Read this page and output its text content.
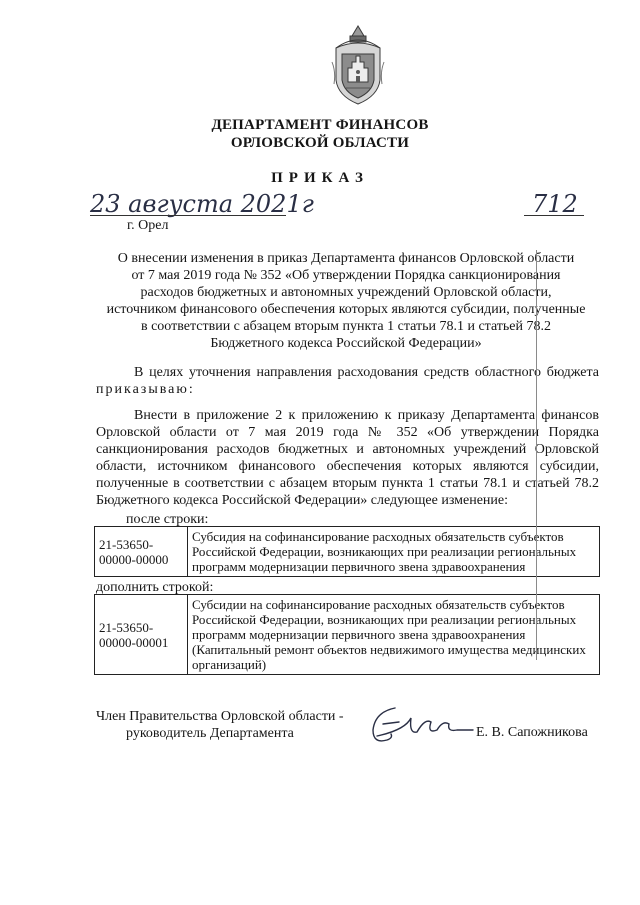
ДЕПАРТАМЕНТ ФИНАНСОВ
ОРЛОВСКОЙ ОБЛАСТИ
ПРИКАЗ
23 августа 2021г	712
г. Орел
О внесении изменения в приказ Департамента финансов Орловской области
от 7 мая 2019 года № 352 «Об утверждении Порядка санкционирования
расходов бюджетных и автономных учреждений Орловской области,
источником финансового обеспечения которых являются субсидии, полученные
в соответствии с абзацем вторым пункта 1 статьи 78.1 и статьей 78.2
Бюджетного кодекса Российской Федерации»
В целях уточнения направления расходования средств областного бюджета приказываю:
Внести в приложение 2 к приложению к приказу Департамента финансов Орловской области от 7 мая 2019 года № 352 «Об утверждении Порядка санкционирования расходов бюджетных и автономных учреждений Орловской области, источником финансового обеспечения которых являются субсидии, полученные в соответствии с абзацем вторым пункта 1 статьи 78.1 и статьей 78.2 Бюджетного кодекса Российской Федерации» следующее изменение:
после строки:
21-53650-
00000-00000
	Субсидия на софинансирование расходных обязательств субъектов Российской Федерации, возникающих при реализации региональных программ модернизации первичного звена здравоохранения
дополнить строкой:
21-53650-
00000-00001
	Субсидии на софинансирование расходных обязательств субъектов Российской Федерации, возникающих при реализации региональных программ модернизации первичного звена здравоохранения (Капитальный ремонт объектов недвижимого имущества медицинских организаций)
Член Правительства Орловской области -
руководитель Департамента	Е. В. Сапожникова
